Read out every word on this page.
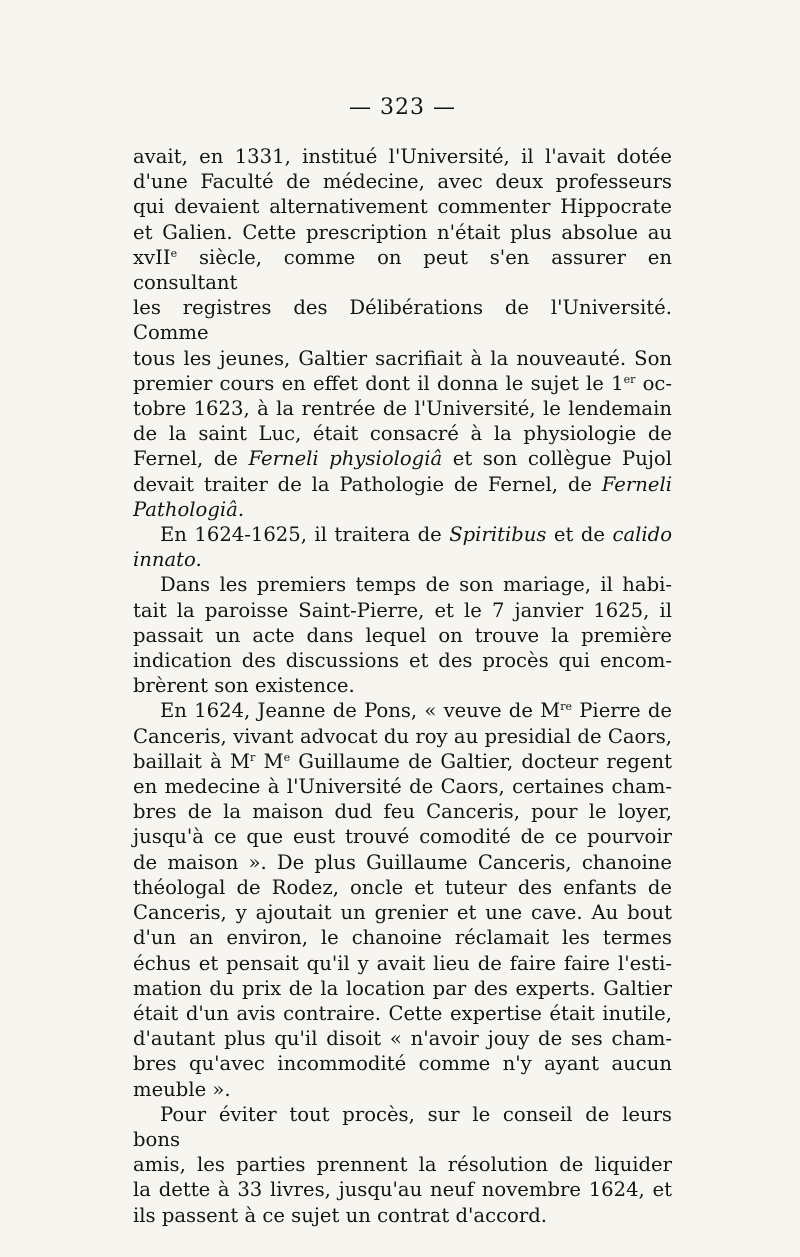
— 323 —

avait, en 1331, institué l'Université, il l'avait dotée
d'une Faculté de médecine, avec deux professeurs
qui devaient alternativement commenter Hippocrate
et Galien. Cette prescription n'était plus absolue au
xvII$^e$ siècle, comme on peut s'en assurer en consultant
les registres des Délibérations de l'Université. Comme
tous les jeunes, Galtier sacrifiait à la nouveauté. Son
premier cours en effet dont il donna le sujet le 1er oc-
tobre 1623, à la rentrée de l'Université, le lendemain
de la saint Luc, était consacré à la physiologie de
Fernel, de Ferneli physiologiâ et son collègue Pujol
devait traiter de la Pathologie de Fernel, de Ferneli
Pathologiâ.

En 1624-1625, il traitera de Spiritibus et de calido
innato.

Dans les premiers temps de son mariage, il habi-
tait la paroisse Saint-Pierre, et le 7 janvier 1625, il
passait un acte dans lequel on trouve la première
indication des discussions et des procès qui encom-
brèrent son existence.

En 1624, Jeanne de Pons, « veuve de Mre Pierre de
Canceris, vivant advocat du roy au presidial de Caors,
baillait à $M^r$ Me Guillaume de Galtier, docteur regent
en medecine à l'Université de Caors, certaines cham-
bres de la maison dud feu Canceris, pour le loyer,
jusqu'à ce que eust trouvé comodité de ce pourvoir
de maison ». De plus Guillaume Canceris, chanoine
théologal de Rodez, oncle et tuteur des enfants de
Canceris, y ajoutait un grenier et une cave. Au bout
d'un an environ, le chanoine réclamait les termes
échus et pensait qu'il y avait lieu de faire faire l'esti-
mation du prix de la location par des experts. Galtier
était d'un avis contraire. Cette expertise était inutile,
d'autant plus qu'il disoit « n'avoir jouy de ses cham-
bres qu'avec incommodité comme n'y ayant aucun
meuble ».

Pour éviter tout procès, sur le conseil de leurs bons
amis, les parties prennent la résolution de liquider
la dette à 33 livres, jusqu'au neuf novembre 1624, et
ils passent à ce sujet un contrat d'accord.
